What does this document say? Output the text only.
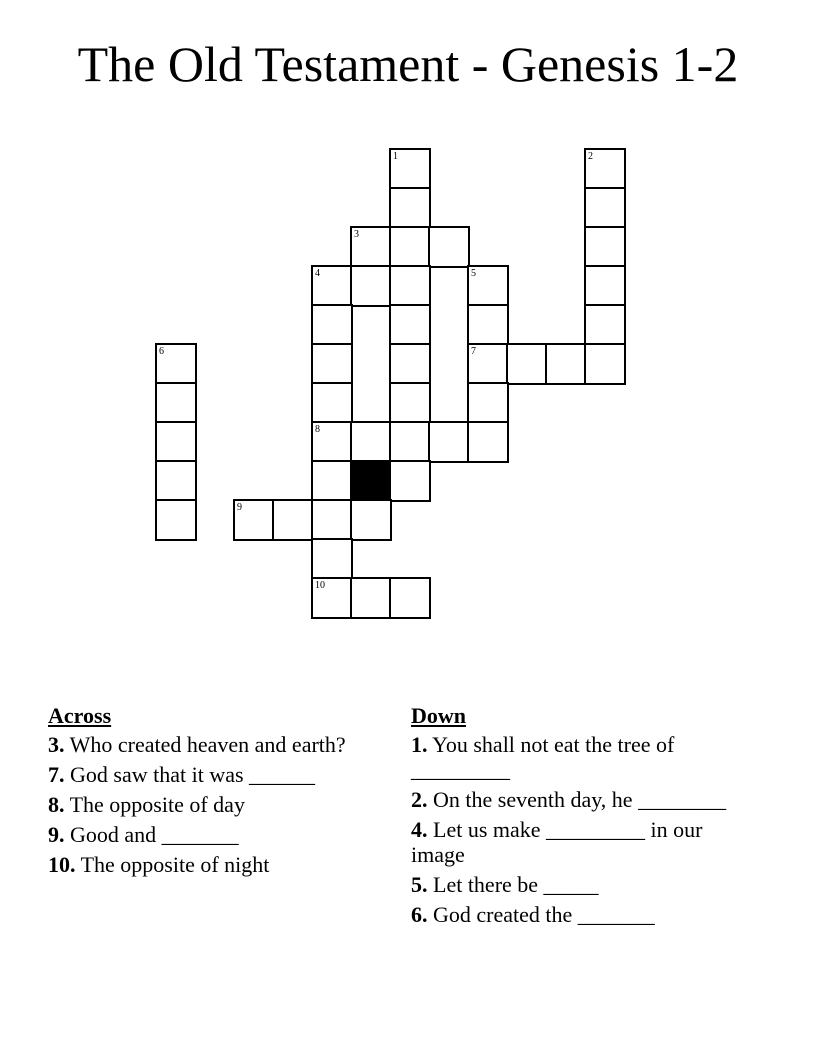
The Old Testament - Genesis 1-2
1	2
3
4	5
6	7
8
9
10
Across
3. Who created heaven and earth?
7. God saw that it was ______
8. The opposite of day
9. Good and _______
10. The opposite of night
Down
1. You shall not eat the tree of _________
2. On the seventh day, he ________
4. Let us make _________ in our image
5. Let there be _____
6. God created the _______
